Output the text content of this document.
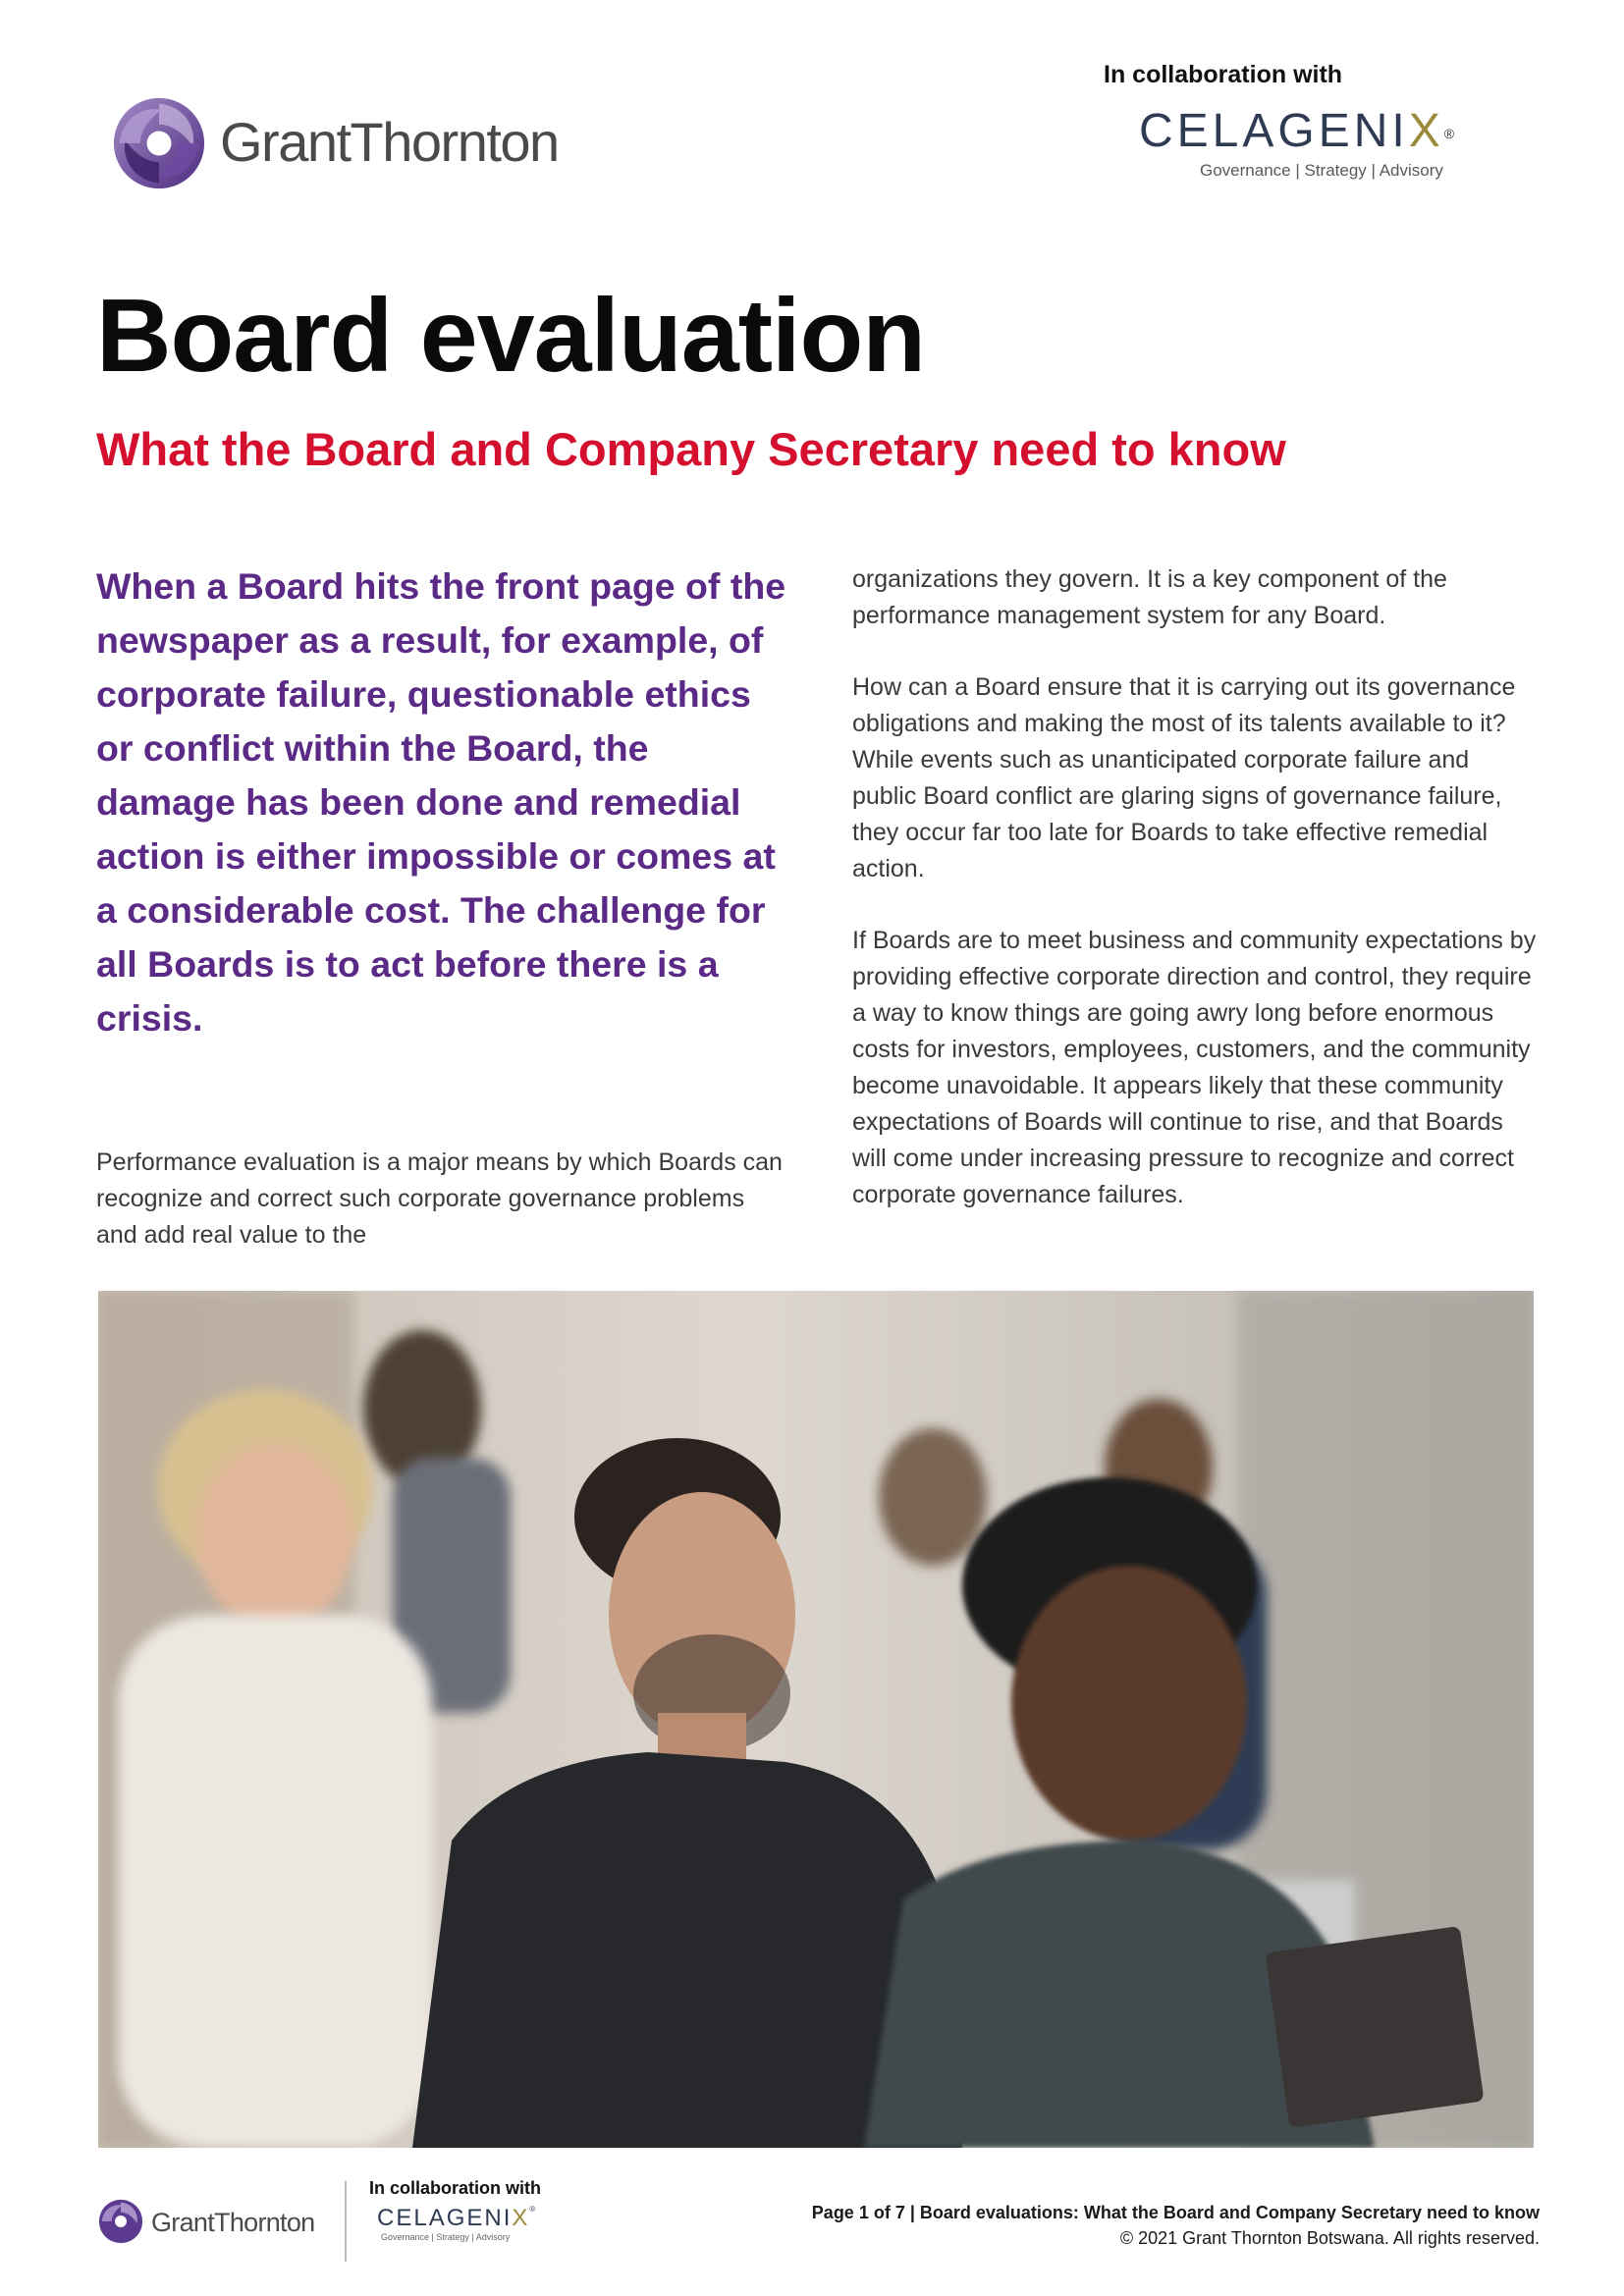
GrantThornton
In collaboration with
CELAGENIX®
Governance | Strategy | Advisory
Board evaluation
What the Board and Company Secretary need to know

When a Board hits the front page of the newspaper as a result, for example, of corporate failure, questionable ethics or conflict within the Board, the damage has been done and remedial action is either impossible or comes at a considerable cost. The challenge for all Boards is to act before there is a crisis.

Performance evaluation is a major means by which Boards can recognize and correct such corporate governance problems and add real value to the

organizations they govern. It is a key component of the performance management system for any Board.

How can a Board ensure that it is carrying out its governance obligations and making the most of its talents available to it? While events such as unanticipated corporate failure and public Board conflict are glaring signs of governance failure, they occur far too late for Boards to take effective remedial action.

If Boards are to meet business and community expectations by providing effective corporate direction and control, they require a way to know things are going awry long before enormous costs for investors, employees, customers, and the community become unavoidable. It appears likely that these community expectations of Boards will continue to rise, and that Boards will come under increasing pressure to recognize and correct corporate governance failures.

GrantThornton
In collaboration with
CELAGENIX®
Governance | Strategy | Advisory
Page 1 of 7 | Board evaluations: What the Board and Company Secretary need to know
© 2021 Grant Thornton Botswana. All rights reserved.
